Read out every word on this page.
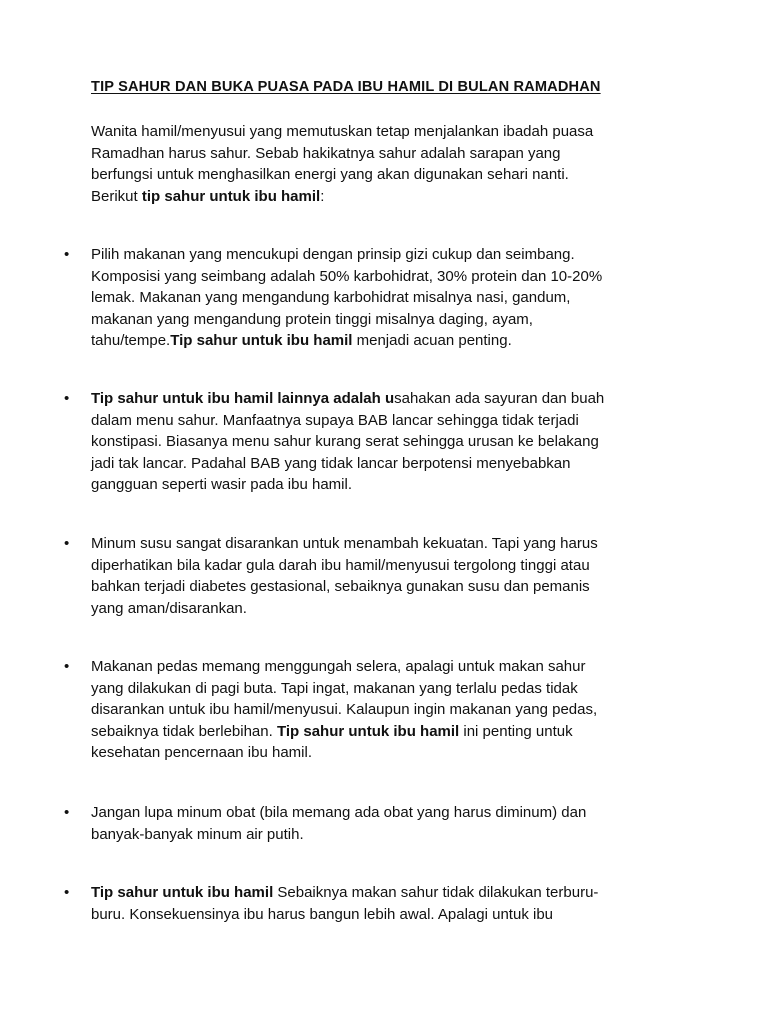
TIP SAHUR DAN BUKA PUASA PADA IBU HAMIL DI BULAN RAMADHAN

Wanita hamil/menyusui yang memutuskan tetap menjalankan ibadah puasa

Ramadhan harus sahur. Sebab hakikatnya sahur adalah sarapan yang

berfungsi untuk menghasilkan energi yang akan digunakan sehari nanti.

Berikut tip sahur untuk ibu hamil:

• Pilih makanan yang mencukupi dengan prinsip gizi cukup dan seimbang.

Komposisi yang seimbang adalah 50% karbohidrat, 30% protein dan 10-20%

lemak. Makanan yang mengandung karbohidrat misalnya nasi, gandum,

makanan yang mengandung protein tinggi misalnya daging, ayam,

tahu/tempe.Tip sahur untuk ibu hamil menjadi acuan penting.

• Tip sahur untuk ibu hamil lainnya adalah usahakan ada sayuran dan buah

dalam menu sahur. Manfaatnya supaya BAB lancar sehingga tidak terjadi

konstipasi. Biasanya menu sahur kurang serat sehingga urusan ke belakang

jadi tak lancar. Padahal BAB yang tidak lancar berpotensi menyebabkan

gangguan seperti wasir pada ibu hamil.

• Minum susu sangat disarankan untuk menambah kekuatan. Tapi yang harus

diperhatikan bila kadar gula darah ibu hamil/menyusui tergolong tinggi atau

bahkan terjadi diabetes gestasional, sebaiknya gunakan susu dan pemanis

yang aman/disarankan.

• Makanan pedas memang menggungah selera, apalagi untuk makan sahur

yang dilakukan di pagi buta. Tapi ingat, makanan yang terlalu pedas tidak

disarankan untuk ibu hamil/menyusui. Kalaupun ingin makanan yang pedas,

sebaiknya tidak berlebihan. Tip sahur untuk ibu hamil ini penting untuk

kesehatan pencernaan ibu hamil.

• Jangan lupa minum obat (bila memang ada obat yang harus diminum) dan

banyak-banyak minum air putih.

• Tip sahur untuk ibu hamil Sebaiknya makan sahur tidak dilakukan terburu-

buru. Konsekuensinya ibu harus bangun lebih awal. Apalagi untuk ibu
